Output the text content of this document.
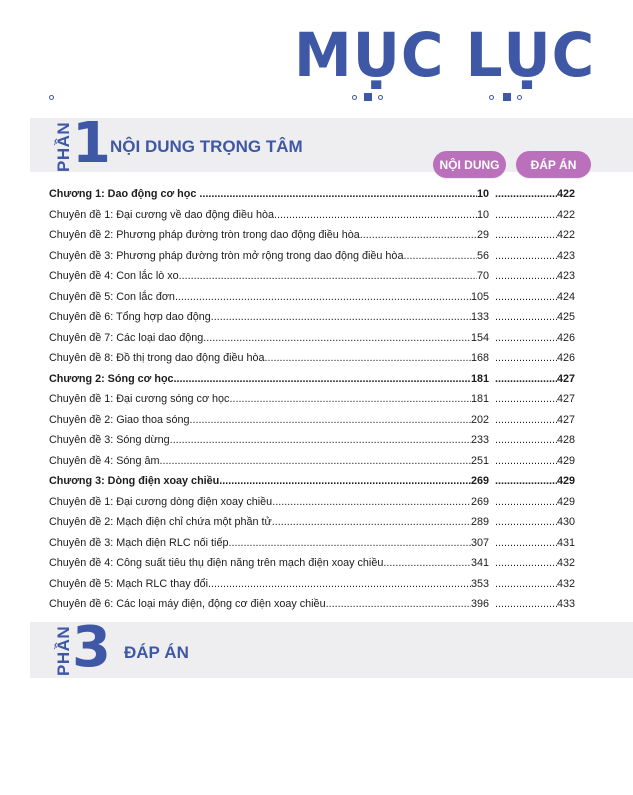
MỤC LỤC
PHẦN 1 NỘI DUNG TRỌNG TÂM
NỘI DUNG	ĐÁP ÁN
Chương 1: Dao động cơ học . .....	10 .....	422
Chuyên đề 1: Đại cương về dao động điều hòa .....	10 .....	422
Chuyên đề 2: Phương pháp đường tròn trong dao động điều hòa. .....	29 .....	422
Chuyên đề 3: Phương pháp đường tròn mở rộng trong dao động điều hòa. .....	56 .....	423
Chuyên đề 4: Con lắc lò xo. .....	70 .....	423
Chuyên đề 5: Con lắc đơn .....	105 .....	424
Chuyên đề 6: Tổng hợp dao động .....	133 .....	425
Chuyên đề 7: Các loại dao động. .....	154 .....	426
Chuyên đề 8: Đồ thị trong dao động điều hòa .....	168 .....	426
Chương 2: Sóng cơ học. .....	181 .....	427
Chuyên đề 1: Đại cương sóng cơ học. .....	181 .....	427
Chuyên đề 2: Giao thoa sóng .....	202 .....	427
Chuyên đề 3: Sóng dừng. .....	233 .....	428
Chuyên đề 4: Sóng âm .....	251 .....	429
Chương 3: Dòng điện xoay chiều .....	269 .....	429
Chuyên đề 1: Đại cương dòng điện xoay chiều. .....	269 .....	429
Chuyên đề 2: Mạch điện chỉ chứa một phần tử. .....	289 .....	430
Chuyên đề 3: Mạch điện RLC nối tiếp .....	307 .....	431
Chuyên đề 4: Công suất tiêu thụ điện năng trên mạch điện xoay chiều. .....	341 .....	432
Chuyên đề 5: Mạch RLC thay đổi .....	353 .....	432
Chuyên đề 6: Các loại máy điện, động cơ điện xoay chiều.. .....	396 .....	433
PHẦN 3 ĐÁP ÁN
